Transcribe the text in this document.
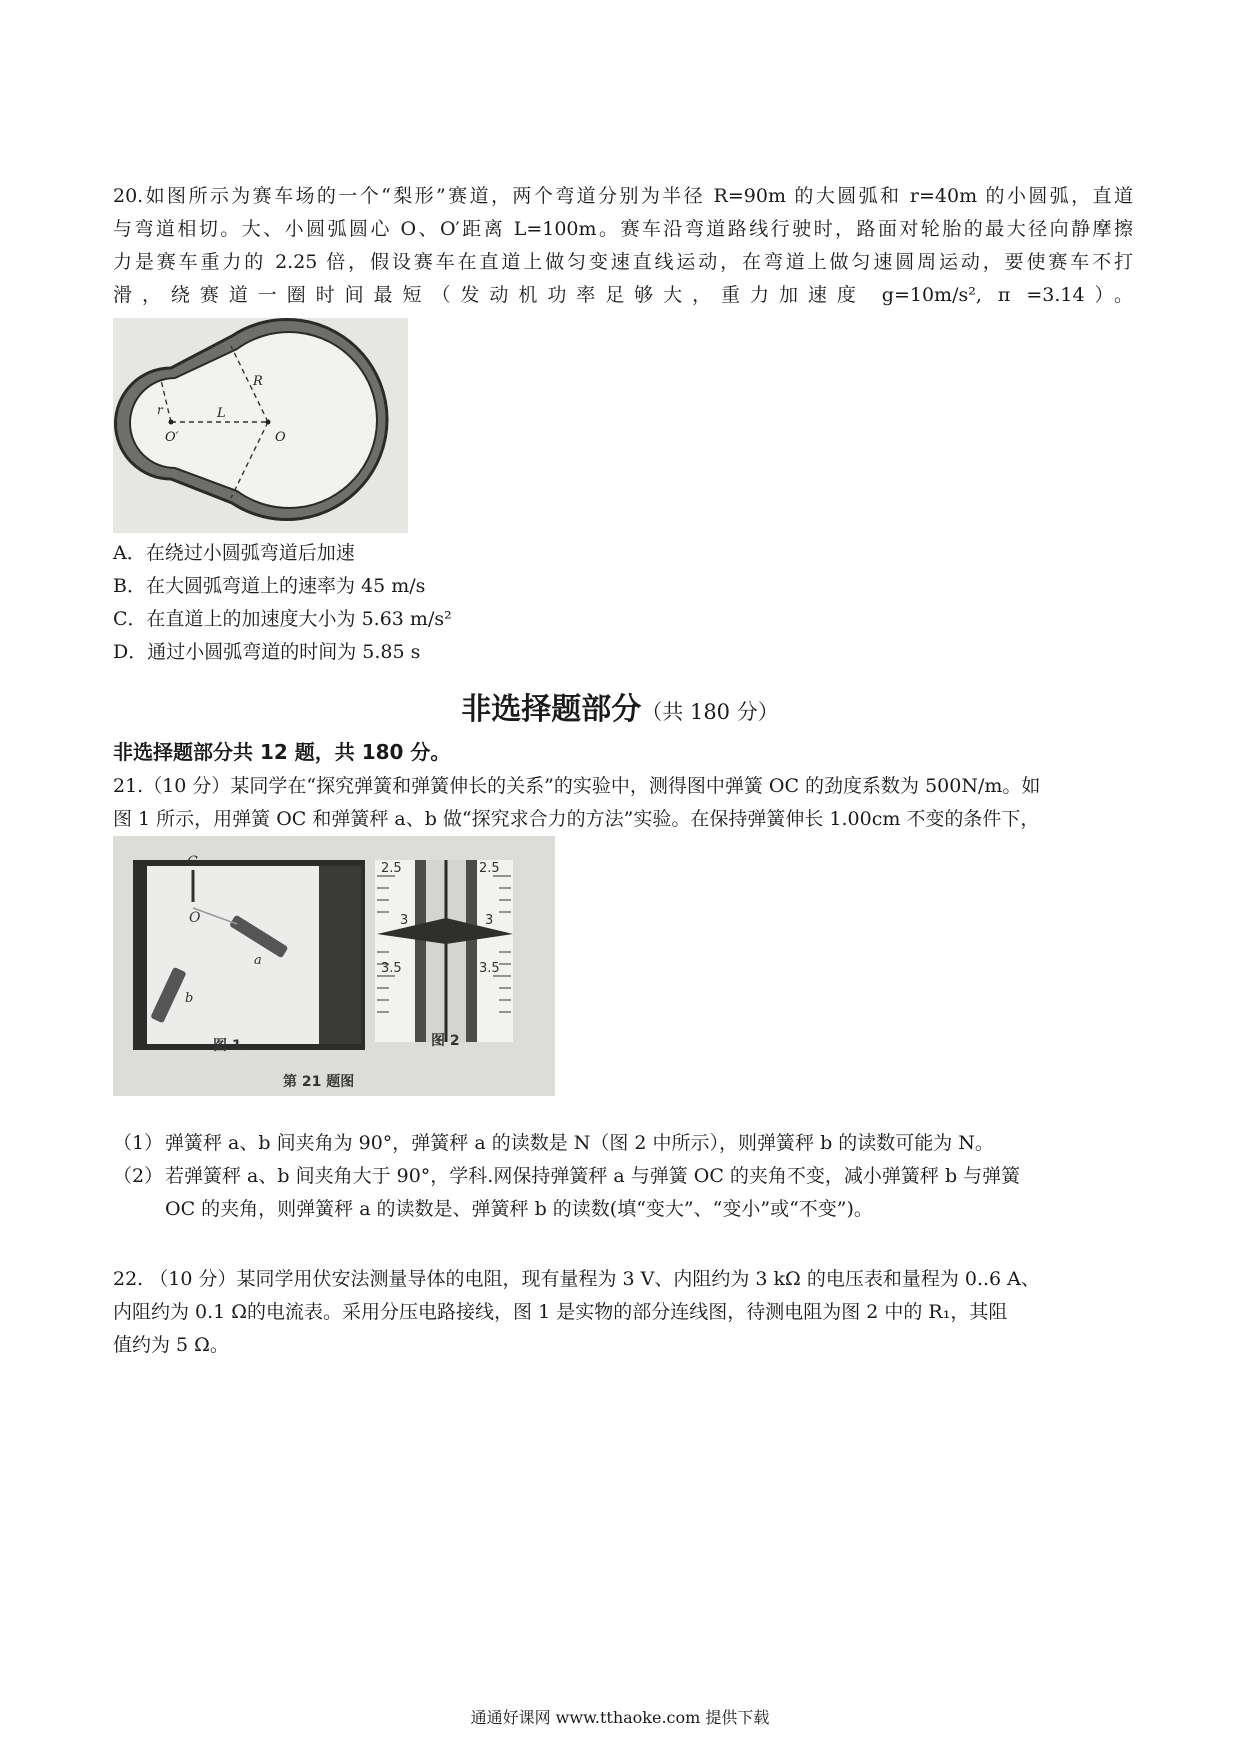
20.如图所示为赛车场的一个“梨形”赛道，两个弯道分别为半径 R=90m 的大圆弧和 r=40m 的小圆弧，直道

与弯道相切。大、小圆弧圆心 O、O′距离 L=100m。赛车沿弯道路线行驶时，路面对轮胎的最大径向静摩擦

力是赛车重力的 2.25 倍，假设赛车在直道上做匀变速直线运动，在弯道上做匀速圆周运动，要使赛车不打

滑，绕赛道一圈时间最短（发动机功率足够大，重力加速度 g=10m/s², π =3.14）。

r	L
R
O′	O
A．在绕过小圆弧弯道后加速
B．在大圆弧弯道上的速率为 45 m/s
C．在直道上的加速度大小为 5.63 m/s²
D．通过小圆弧弯道的时间为 5.85 s
非选择题部分（共 180 分）
非选择题部分共 12 题，共 180 分。

21.（10 分）某同学在“探究弹簧和弹簧伸长的关系”的实验中，测得图中弹簧 OC 的劲度系数为 500N/m。如

图 1 所示，用弹簧 OC 和弹簧秤 a、b 做“探究求合力的方法”实验。在保持弹簧伸长 1.00cm 不变的条件下，

C
O
a
b
2.5
2.5
3	3
3.5	3.5
图 1	图 2
第 21 题图
（1） 弹簧秤 a、b 间夹角为 90°，弹簧秤 a 的读数是 N（图 2 中所示），则弹簧秤 b 的读数可能为 N。
（2） 若弹簧秤 a、b 间夹角大于 90°，学科.网保持弹簧秤 a 与弹簧 OC 的夹角不变，减小弹簧秤 b 与弹簧
OC 的夹角，则弹簧秤 a 的读数是、弹簧秤 b 的读数(填“变大”、“变小”或“不变”)。

22. （10 分）某同学用伏安法测量导体的电阻，现有量程为 3 V、内阻约为 3 kΩ 的电压表和量程为 0..6 A、

内阻约为 0.1 Ω的电流表。采用分压电路接线，图 1 是实物的部分连线图，待测电阻为图 2 中的 R₁，其阻

值约为 5 Ω。

通通好课网 www.tthaoke.com 提供下载
